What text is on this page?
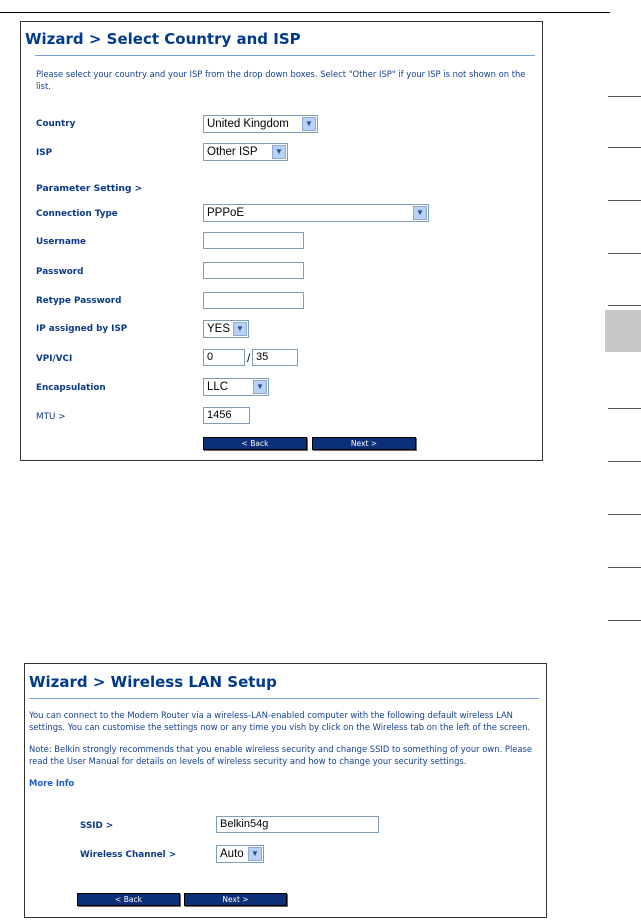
Wizard > Select Country and ISP
Please select your country and your ISP from the drop down boxes. Select "Other ISP" if your ISP is not shown on the list.
Country	United Kingdom	▼
ISP	Other ISP	▼
Parameter Setting >
Connection Type	PPPoE	▼
Username
Password
Retype Password
IP assigned by ISP	YES ▼
VPI/VCI	0	/ 35
Encapsulation	LLC	▼
MTU >	1456
< Back	Next >
Wizard > Wireless LAN Setup
You can connect to the Modem Router via a wireless-LAN-enabled computer with the following default wireless LAN settings. You can customise the settings now or any time you vish by click on the Wireless tab on the left of the screen.
Note: Belkin strongly recommends that you enable wireless security and change SSID to something of your own. Please read the User Manual for details on levels of wireless security and how to change your security settings.
More Info
SSID >	Belkin54g
Wireless Channel >	Auto ▼
< Back	Next >
